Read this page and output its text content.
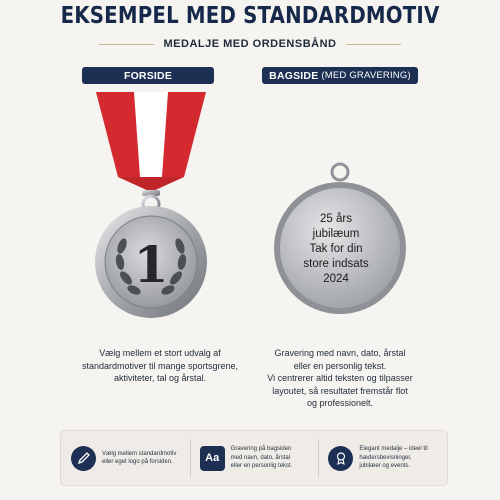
EKSEMPEL MED STANDARDMOTIV
MEDALJE MED ORDENSBÅND
FORSIDE	BAGSIDE (MED GRAVERING)
1
25 års
jubilæum
Tak for din
store indsats
2024
Vælg mellem et stort udvalg af
standardmotiver til mange sportsgrene,
aktiviteter, tal og årstal.
Gravering med navn, dato, årstal
eller en personlig tekst.
Vi centrerer altid teksten og tilpasser
layoutet, så resultatet fremstår flot
og professionelt.
Vælg mellem standardmotiv
eller eget logo på forsiden.	Aa
Gravering på bagsiden
med navn, dato, årstal
eller en personlig tekst.
Elegant medalje – ideel til
hædersbevisninger,
jubilæer og events.
